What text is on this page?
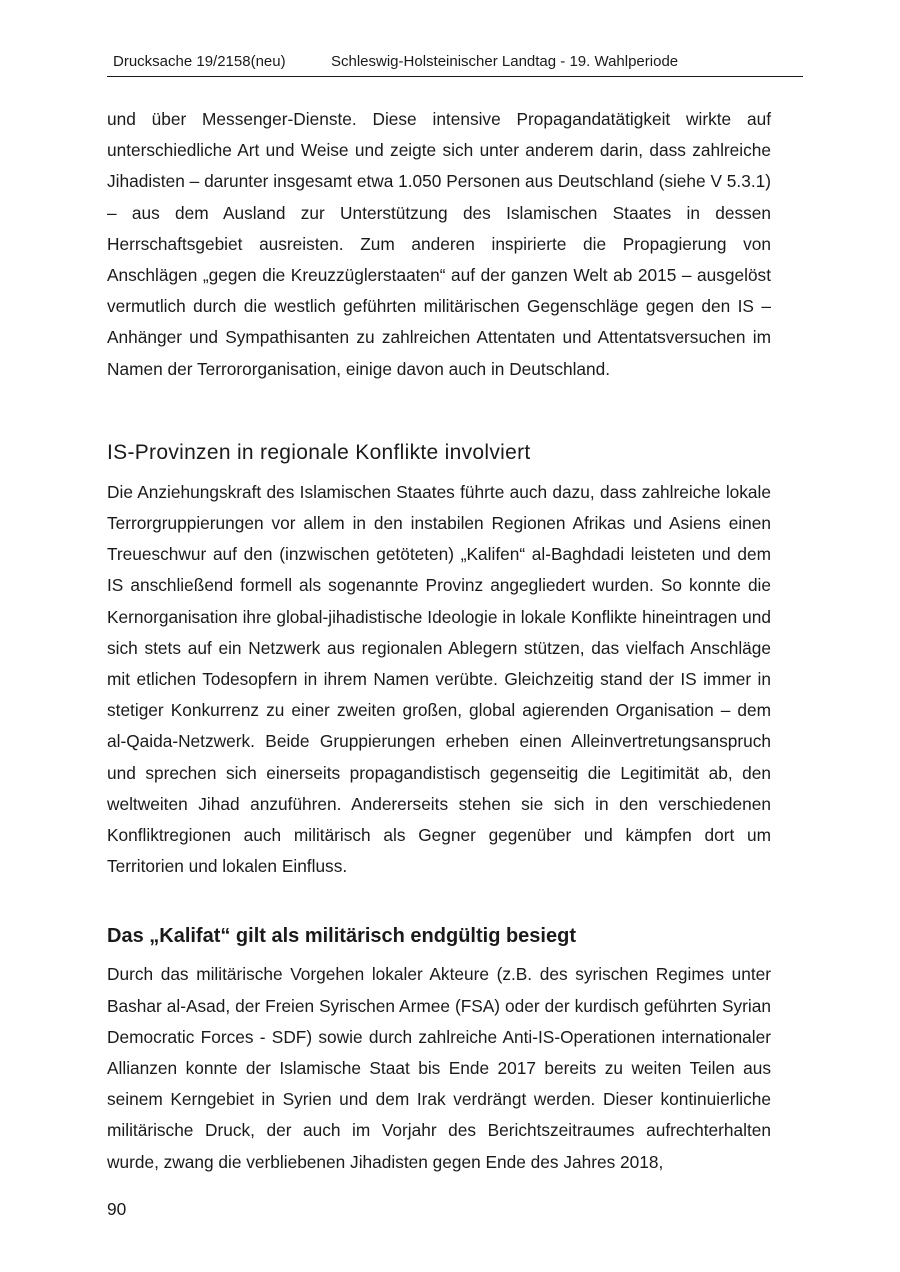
Drucksache 19/2158(neu)	Schleswig-Holsteinischer Landtag - 19. Wahlperiode

und über Messenger-Dienste. Diese intensive Propagandatätigkeit wirkte auf unterschiedliche Art und Weise und zeigte sich unter anderem darin, dass zahlreiche Jihadisten – darunter insgesamt etwa 1.050 Personen aus Deutschland (siehe V 5.3.1) – aus dem Ausland zur Unterstützung des Islamischen Staates in dessen Herrschaftsgebiet ausreisten. Zum anderen inspirierte die Propagierung von Anschlägen „gegen die Kreuzzüglerstaaten“ auf der ganzen Welt ab 2015 – ausgelöst vermutlich durch die westlich geführten militärischen Gegenschläge gegen den IS – Anhänger und Sympathisanten zu zahlreichen Attentaten und Attentatsversuchen im Namen der Terrororganisation, einige davon auch in Deutschland.

IS-Provinzen in regionale Konflikte involviert

Die Anziehungskraft des Islamischen Staates führte auch dazu, dass zahlreiche lokale Terrorgruppierungen vor allem in den instabilen Regionen Afrikas und Asiens einen Treueschwur auf den (inzwischen getöteten) „Kalifen“ al-Baghdadi leisteten und dem IS anschließend formell als sogenannte Provinz angegliedert wurden. So konnte die Kernorganisation ihre global-jihadistische Ideologie in lokale Konflikte hineintragen und sich stets auf ein Netzwerk aus regionalen Ablegern stützen, das vielfach Anschläge mit etlichen Todesopfern in ihrem Namen verübte. Gleichzeitig stand der IS immer in stetiger Konkurrenz zu einer zweiten großen, global agierenden Organisation – dem al-Qaida-Netzwerk. Beide Gruppierungen erheben einen Alleinvertretungsanspruch und sprechen sich einerseits propagandistisch gegenseitig die Legitimität ab, den weltweiten Jihad anzuführen. Andererseits stehen sie sich in den verschiedenen Konfliktregionen auch militärisch als Gegner gegenüber und kämpfen dort um Territorien und lokalen Einfluss.

Das „Kalifat“ gilt als militärisch endgültig besiegt

Durch das militärische Vorgehen lokaler Akteure (z.B. des syrischen Regimes unter Bashar al-Asad, der Freien Syrischen Armee (FSA) oder der kurdisch geführten Syrian Democratic Forces - SDF) sowie durch zahlreiche Anti-IS-Operationen internationaler Allianzen konnte der Islamische Staat bis Ende 2017 bereits zu weiten Teilen aus seinem Kerngebiet in Syrien und dem Irak verdrängt werden. Dieser kontinuierliche militärische Druck, der auch im Vorjahr des Berichtszeitraumes aufrechterhalten wurde, zwang die verbliebenen Jihadisten gegen Ende des Jahres 2018,

90
